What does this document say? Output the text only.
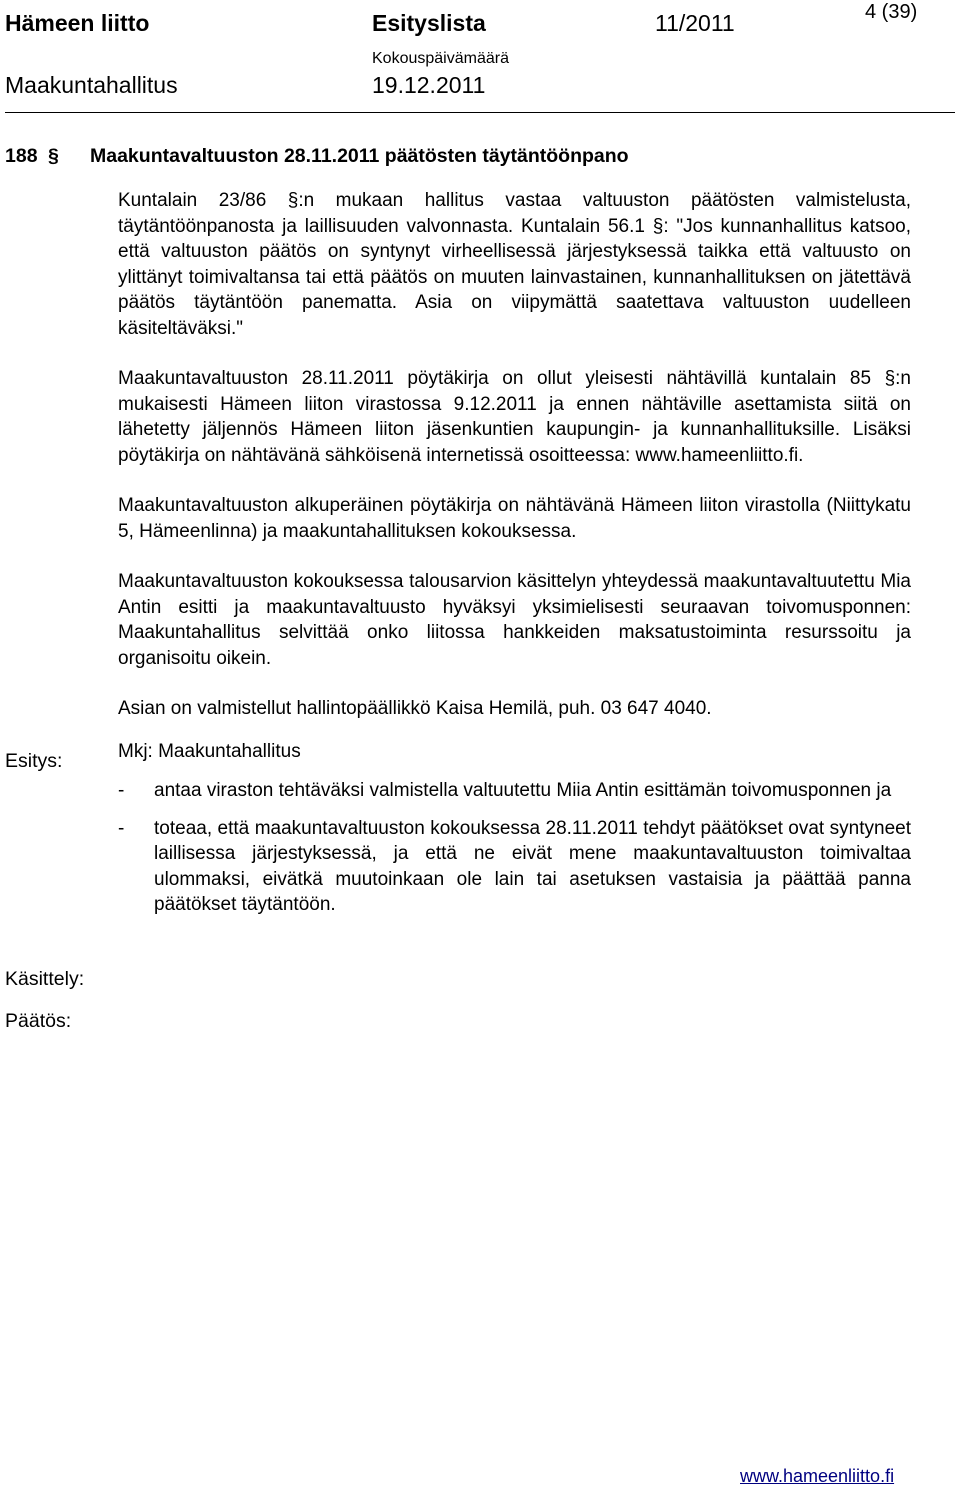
Hämeen liitto	Esityslista	11/2011	4 (39)
Maakuntahallitus
Kokouspäivämäärä
19.12.2011
188 § Maakuntavaltuuston 28.11.2011 päätösten täytäntöönpano

Kuntalain 23/86 §:n mukaan hallitus vastaa valtuuston päätösten valmistelusta, täytäntöönpanosta ja laillisuuden valvonnasta. Kuntalain 56.1 §: "Jos kunnanhallitus katsoo, että valtuuston päätös on syntynyt virheellisessä järjestyksessä taikka että valtuusto on ylittänyt toimivaltansa tai että päätös on muuten lainvastainen, kunnanhallituksen on jätettävä päätös täytäntöön panematta. Asia on viipymättä saatettava valtuuston uudelleen käsiteltäväksi."

Maakuntavaltuuston 28.11.2011 pöytäkirja on ollut yleisesti nähtävillä kuntalain 85 §:n mukaisesti Hämeen liiton virastossa 9.12.2011 ja ennen nähtäville asettamista siitä on lähetetty jäljennös Hämeen liiton jäsenkuntien kaupungin- ja kunnanhallituksille. Lisäksi pöytäkirja on nähtävänä sähköisenä internetissä osoitteessa: www.hameenliitto.fi.

Maakuntavaltuuston alkuperäinen pöytäkirja on nähtävänä Hämeen liiton virastolla (Niittykatu 5, Hämeenlinna) ja maakuntahallituksen kokouksessa.

Maakuntavaltuuston kokouksessa talousarvion käsittelyn yhteydessä maakuntavaltuutettu Mia Antin esitti ja maakuntavaltuusto hyväksyi yksimielisesti seuraavan toivomusponnen: Maakuntahallitus selvittää onko liitossa hankkeiden maksatustoiminta resurssoitu ja organisoitu oikein.

Asian on valmistellut hallintopäällikkö Kaisa Hemilä, puh. 03 647 4040.

Mkj: Maakuntahallitus

- antaa viraston tehtäväksi valmistella valtuutettu Miia Antin esittämän toivomusponnen ja

- toteaa, että maakuntavaltuuston kokouksessa 28.11.2011 tehdyt päätökset ovat syntyneet laillisessa järjestyksessä, ja että ne eivät mene maakuntavaltuuston toimivaltaa ulommaksi, eivätkä muutoinkaan ole lain tai asetuksen vastaisia ja päättää panna päätökset täytäntöön.

Esitys:
Käsittely:
Päätös:
www.hameenliitto.fi
